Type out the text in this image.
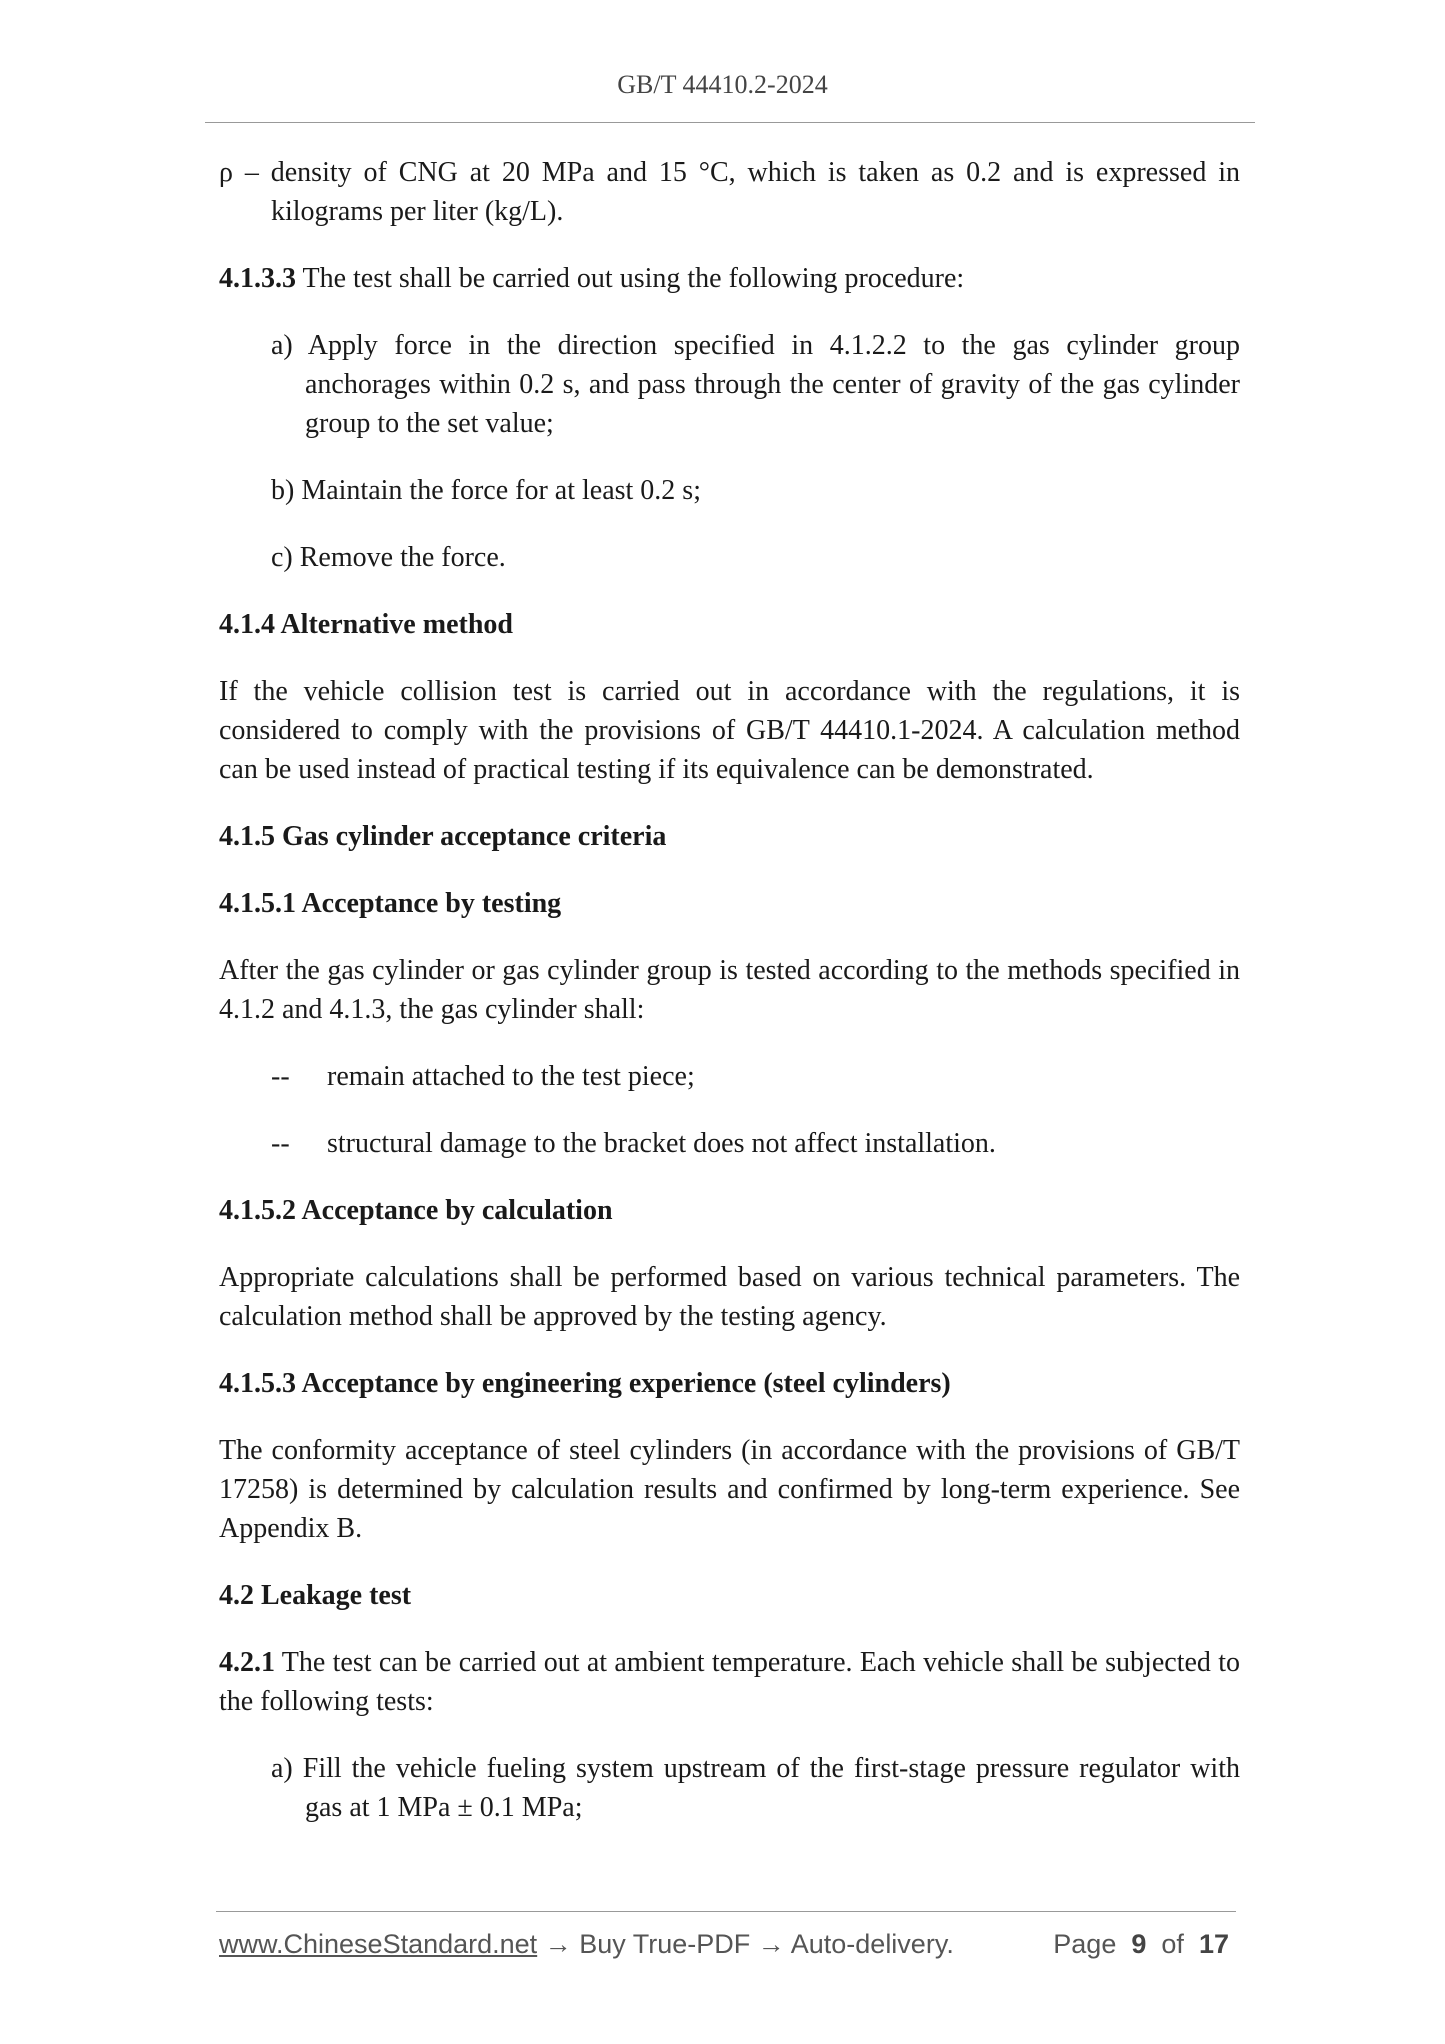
GB/T 44410.2-2024

ρ – density of CNG at 20 MPa and 15 °C, which is taken as 0.2 and is expressed in kilograms per liter (kg/L).

4.1.3.3 The test shall be carried out using the following procedure:

a) Apply force in the direction specified in 4.1.2.2 to the gas cylinder group anchorages within 0.2 s, and pass through the center of gravity of the gas cylinder group to the set value;

b) Maintain the force for at least 0.2 s;

c) Remove the force.

4.1.4 Alternative method

If the vehicle collision test is carried out in accordance with the regulations, it is considered to comply with the provisions of GB/T 44410.1-2024. A calculation method can be used instead of practical testing if its equivalence can be demonstrated.

4.1.5 Gas cylinder acceptance criteria

4.1.5.1 Acceptance by testing

After the gas cylinder or gas cylinder group is tested according to the methods specified in 4.1.2 and 4.1.3, the gas cylinder shall:

--	remain attached to the test piece;

--	structural damage to the bracket does not affect installation.

4.1.5.2 Acceptance by calculation

Appropriate calculations shall be performed based on various technical parameters. The calculation method shall be approved by the testing agency.

4.1.5.3 Acceptance by engineering experience (steel cylinders)

The conformity acceptance of steel cylinders (in accordance with the provisions of GB/T 17258) is determined by calculation results and confirmed by long-term experience. See Appendix B.

4.2 Leakage test

4.2.1 The test can be carried out at ambient temperature. Each vehicle shall be subjected to the following tests:

a) Fill the vehicle fueling system upstream of the first-stage pressure regulator with gas at 1 MPa ± 0.1 MPa;

www.ChineseStandard.net → Buy True-PDF → Auto-delivery.	Page 9 of 17
